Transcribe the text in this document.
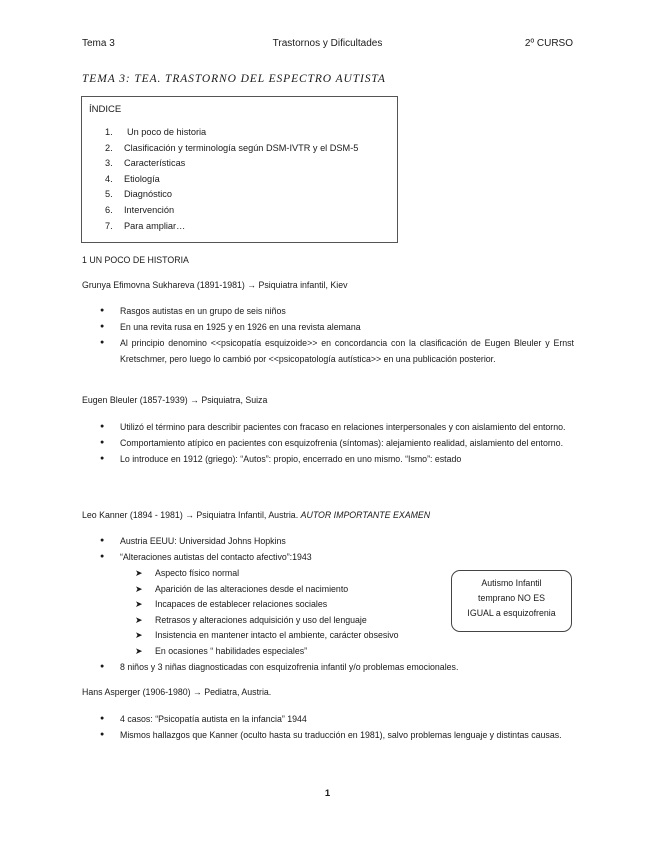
Tema 3	Trastornos y Dificultades	2º CURSO
TEMA 3: TEA. TRASTORNO DEL ESPECTRO AUTISTA
ÍNDICE
1. Un poco de historia
2. Clasificación y terminología según DSM-IVTR y el DSM-5
3. Características
4. Etiología
5. Diagnóstico
6. Intervención
7. Para ampliar…
1 UN POCO DE HISTORIA
Grunya Efimovna Sukhareva (1891-1981) → Psiquiatra infantil, Kiev
● Rasgos autistas en un grupo de seis niños
● En una revita rusa en 1925 y en 1926 en una revista alemana
● Al principio denomino <<psicopatía esquizoide>> en concordancia con la clasificación de Eugen Bleuler y Ernst Kretschmer, pero luego lo cambió por <<psicopatología autística>> en una publicación posterior.
Eugen Bleuler (1857-1939) → Psiquiatra, Suiza
● Utilizó el término para describir pacientes con fracaso en relaciones interpersonales y con aislamiento del entorno.
● Comportamiento atípico en pacientes con esquizofrenia (síntomas): alejamiento realidad, aislamiento del entorno.
● Lo introduce en 1912 (griego): “Autos”: propio, encerrado en uno mismo. “Ismo”: estado
Leo Kanner (1894 - 1981) → Psiquiatra Infantil, Austria. AUTOR IMPORTANTE EXAMEN
● Austria EEUU: Universidad Johns Hopkins
● “Alteraciones autistas del contacto afectivo”:1943
➤ Aspecto físico normal
➤ Aparición de las alteraciones desde el nacimiento
➤ Incapaces de establecer relaciones sociales
➤ Retrasos y alteraciones adquisición y uso del lenguaje
➤ Insistencia en mantener intacto el ambiente, carácter obsesivo
➤ En ocasiones “ habilidades especiales”
● 8 niños y 3 niñas diagnosticadas con esquizofrenia infantil y/o problemas emocionales.
Autismo Infantil
temprano NO ES
IGUAL a esquizofrenia
Hans Asperger (1906-1980) → Pediatra, Austria.
● 4 casos: “Psicopatía autista en la infancia” 1944
● Mismos hallazgos que Kanner (oculto hasta su traducción en 1981), salvo problemas lenguaje y distintas causas.
1
